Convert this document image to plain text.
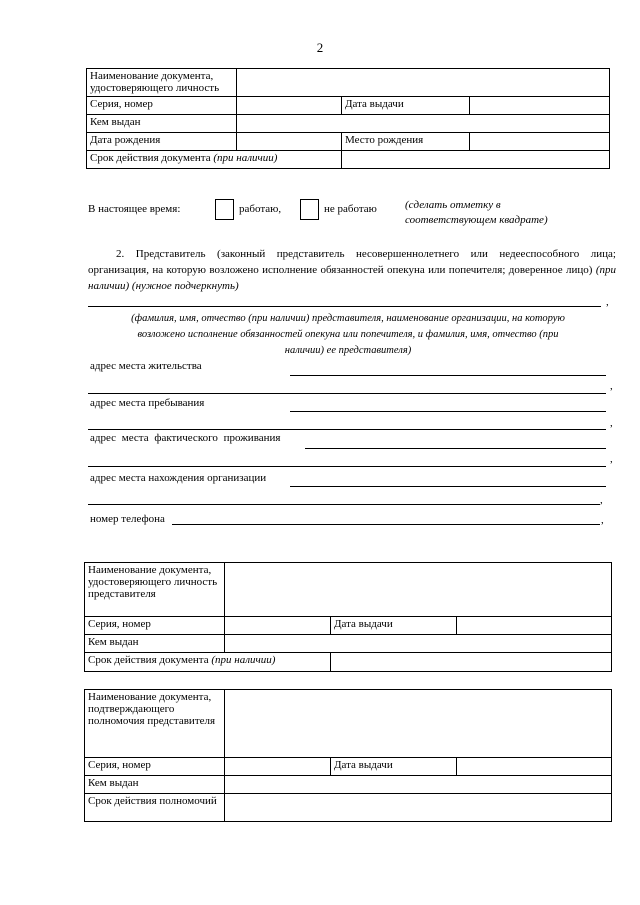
2
Наименование документа, удостоверяющего личность			
Серия, номер		Дата выдачи	
Кем выдан			
Дата рождения		Место рождения	
Срок действия документа (при наличии)			
В настоящее время:	работаю,	не работаю	(сделать отметку в
соответствующем квадрате)
2. Представитель (законный представитель несовершеннолетнего или недееспособного лица; организация, на которую возложено исполнение обязанностей опекуна или попечителя; доверенное лицо) (при наличии) (нужное подчеркнуть)
,
(фамилия, имя, отчество (при наличии) представителя, наименование организации, на которую
возложено исполнение обязанностей опекуна или попечителя, и фамилия, имя, отчество (при
наличии) ее представителя)
адрес места жительства
,
адрес места пребывания
,
адрес места фактического проживания
,
адрес места нахождения организации
,
номер телефона	,
Наименование документа, удостоверяющего личность представителя			
Серия, номер		Дата выдачи	
Кем выдан			
Срок действия документа (при наличии)			
Наименование документа, подтверждающего полномочия представителя			
Серия, номер		Дата выдачи	
Кем выдан			
Срок действия полномочий			
